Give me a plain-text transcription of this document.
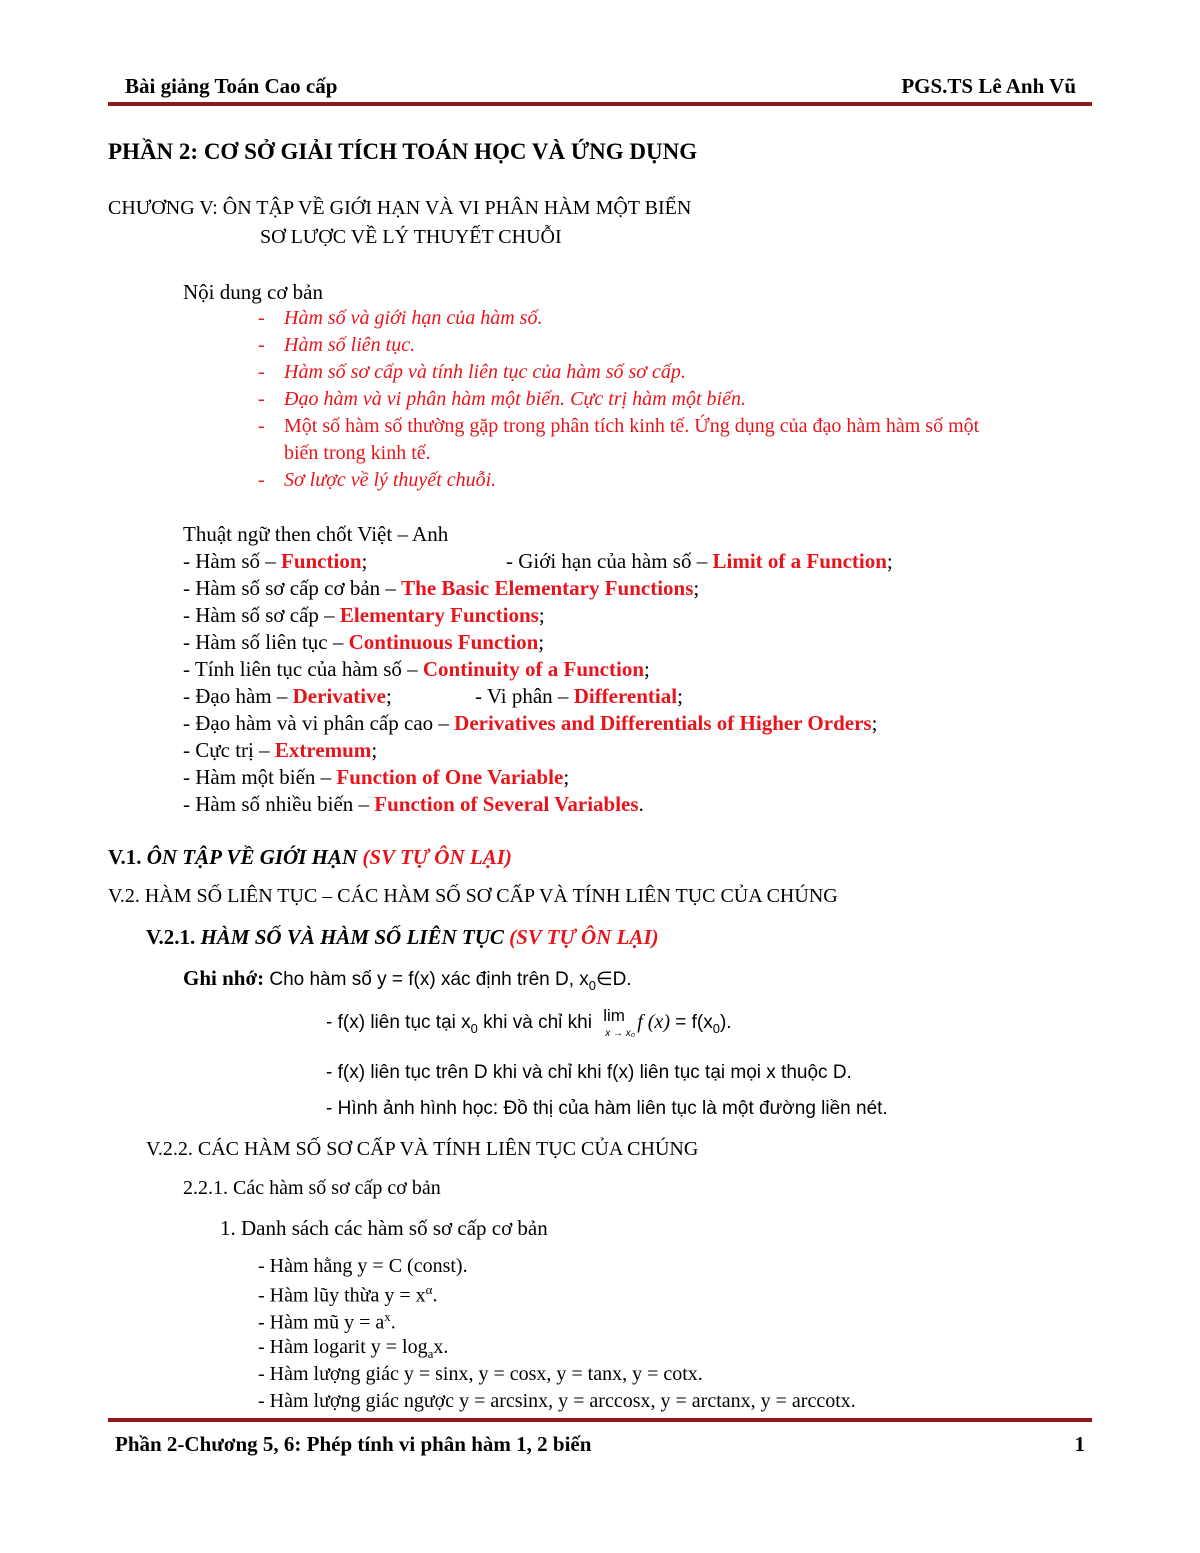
Bài giảng Toán Cao cấp	PGS.TS Lê Anh Vũ
PHẦN 2: CƠ SỞ GIẢI TÍCH TOÁN HỌC VÀ ỨNG DỤNG
CHƯƠNG V: ÔN TẬP VỀ GIỚI HẠN VÀ VI PHÂN HÀM MỘT BIẾN
SƠ LƯỢC VỀ LÝ THUYẾT CHUỖI
Nội dung cơ bản
- Hàm số và giới hạn của hàm số.
- Hàm số liên tục.
- Hàm số sơ cấp và tính liên tục của hàm số sơ cấp.
- Đạo hàm và vi phân hàm một biến. Cực trị hàm một biến.
- Một số hàm số thường gặp trong phân tích kinh tế. Ứng dụng của đạo hàm hàm số một
biến trong kinh tế.
- Sơ lược về lý thuyết chuỗi.
Thuật ngữ then chốt Việt – Anh
- Hàm số – Function;	- Giới hạn của hàm số – Limit of a Function;
- Hàm số sơ cấp cơ bản – The Basic Elementary Functions;
- Hàm số sơ cấp – Elementary Functions;
- Hàm số liên tục – Continuous Function;
- Tính liên tục của hàm số – Continuity of a Function;
- Đạo hàm – Derivative;	- Vi phân – Differential;
- Đạo hàm và vi phân cấp cao – Derivatives and Differentials of Higher Orders;
- Cực trị – Extremum;
- Hàm một biến – Function of One Variable;
- Hàm số nhiều biến – Function of Several Variables.
V.1. ÔN TẬP VỀ GIỚI HẠN (SV TỰ ÔN LẠI)
V.2. HÀM SỐ LIÊN TỤC – CÁC HÀM SỐ SƠ CẤP VÀ TÍNH LIÊN TỤC CỦA CHÚNG
V.2.1. HÀM SỐ VÀ HÀM SỐ LIÊN TỤC (SV TỰ ÔN LẠI)
Ghi nhớ: Cho hàm số y = f(x) xác định trên D, $x_0\in D$.
- f(x) liên tục tại $x_0$ khi và chỉ khi lim
x → x₀
f $(x) = f(x_0)$.
- f(x) liên tục trên D khi và chỉ khi f(x) liên tục tại mọi x thuộc D.
- Hình ảnh hình học: Đồ thị của hàm liên tục là một đường liền nét.
V.2.2. CÁC HÀM SỐ SƠ CẤP VÀ TÍNH LIÊN TỤC CỦA CHÚNG
2.2.1. Các hàm số sơ cấp cơ bản
1. Danh sách các hàm số sơ cấp cơ bản
- Hàm hằng y = C (const).
- Hàm lũy thừa $y = x^\alpha$.
- Hàm mũ $y = a^x$.
- Hàm logarit $y = \log_ax$.
- Hàm lượng giác y = sinx, y = cosx, y = tanx, y = cotx.
- Hàm lượng giác ngược y = arcsinx, y = arccosx, y = arctanx, y = arccotx.
Phần 2-Chương 5, 6: Phép tính vi phân hàm 1, 2 biến	1
